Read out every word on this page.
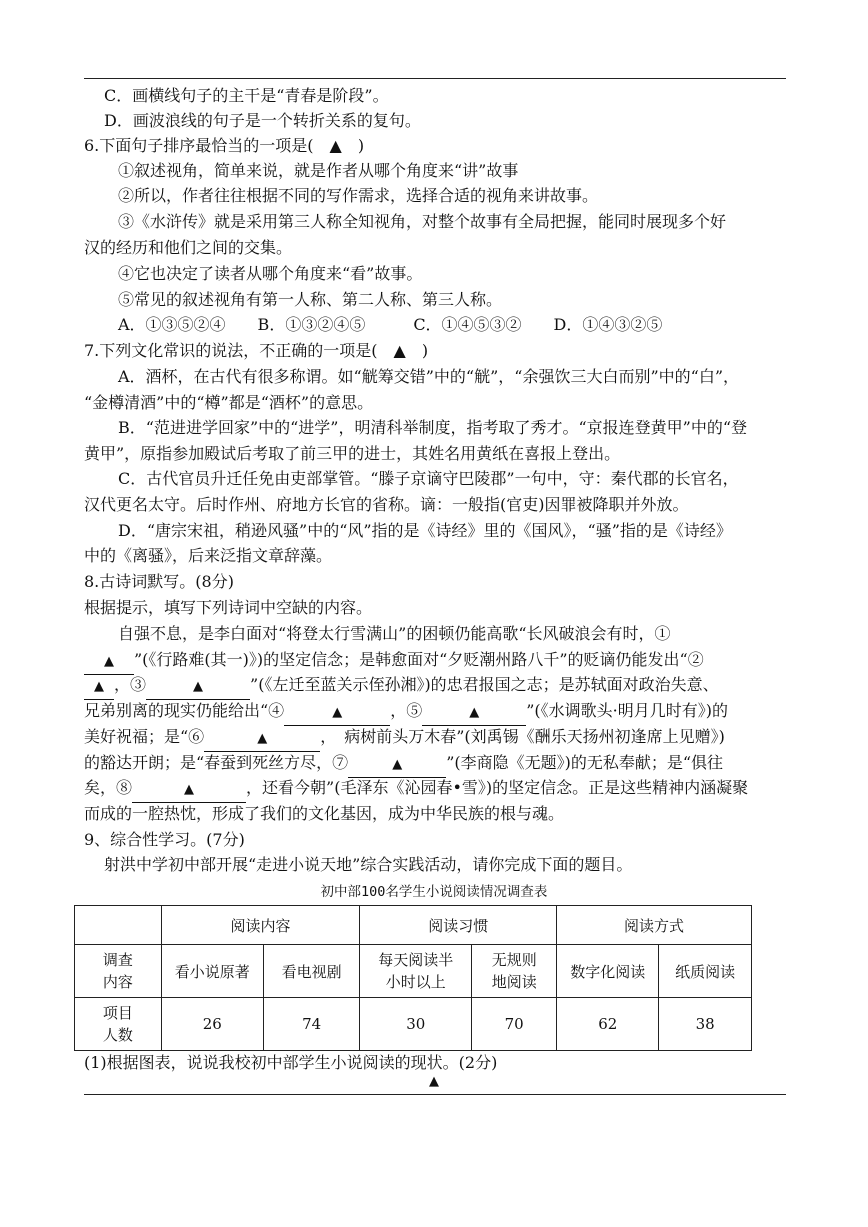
C．画横线句子的主干是“青春是阶段”。
D．画波浪线的句子是一个转折关系的复句。
6.下面句子排序最恰当的一项是(　▲　)
①叙述视角，简单来说，就是作者从哪个角度来“讲”故事
②所以，作者往往根据不同的写作需求，选择合适的视角来讲故事。
③《水浒传》就是采用第三人称全知视角，对整个故事有全局把握，能同时展现多个好
汉的经历和他们之间的交集。
④它也决定了读者从哪个角度来“看”故事。
⑤常见的叙述视角有第一人称、第二人称、第三人称。
A．①③⑤②④　　B．①③②④⑤　　　C．①④⑤③②　　D．①④③②⑤
7.下列文化常识的说法，不正确的一项是(　▲　)
A．酒杯，在古代有很多称谓。如“觥筹交错”中的“觥”，“余强饮三大白而别”中的“白”，
“金樽清酒”中的“樽”都是“酒杯”的意思。
B．“范进进学回家”中的“进学”，明清科举制度，指考取了秀才。“京报连登黄甲”中的“登
黄甲”，原指参加殿试后考取了前三甲的进士，其姓名用黄纸在喜报上登出。
C．古代官员升迁任免由吏部掌管。“滕子京谪守巴陵郡”一句中，守：秦代郡的长官名，
汉代更名太守。后时作州、府地方长官的省称。谪：一般指(官吏)因罪被降职并外放。
D．“唐宗宋祖，稍逊风骚”中的“风”指的是《诗经》里的《国风》，“骚”指的是《诗经》
中的《离骚》，后来泛指文章辞藻。
8.古诗词默写。(8分)
根据提示，填写下列诗词中空缺的内容。
自强不息，是李白面对“将登太行雪满山”的困顿仍能高歌“长风破浪会有时，①
▲ ”(《行路难(其一)》)的坚定信念；是韩愈面对“夕贬潮州路八千”的贬谪仍能发出“②
▲ ，③	▲	”(《左迁至蓝关示侄孙湘》)的忠君报国之志；是苏轼面对政治失意、
兄弟别离的现实仍能给出“④	▲	，⑤	▲	”(《水调歌头·明月几时有》)的
美好祝福；是“⑥	▲	，　病树前头万木春”(刘禹锡《酬乐天扬州初逢席上见赠》)
的豁达开朗；是“春蚕到死丝方尽，⑦	▲	”(李商隐《无题》)的无私奉献；是“俱往
矣，⑧	▲	，还看今朝”(毛泽东《沁园春•雪》)的坚定信念。正是这些精神内涵凝聚
而成的一腔热忱，形成了我们的文化基因，成为中华民族的根与魂。
9、综合性学习。(7分)
射洪中学初中部开展“走进小说天地”综合实践活动，请你完成下面的题目。
初中部100名学生小说阅读情况调查表
	阅读内容		阅读习惯		阅读方式	
调查
内容	看小说原著	看电视剧	每天阅读半
小时以上	无规则
地阅读	数字化阅读	纸质阅读
项目
人数	26	74	30	70	62	38
(1)根据图表，说说我校初中部学生小说阅读的现状。(2分)
▲
